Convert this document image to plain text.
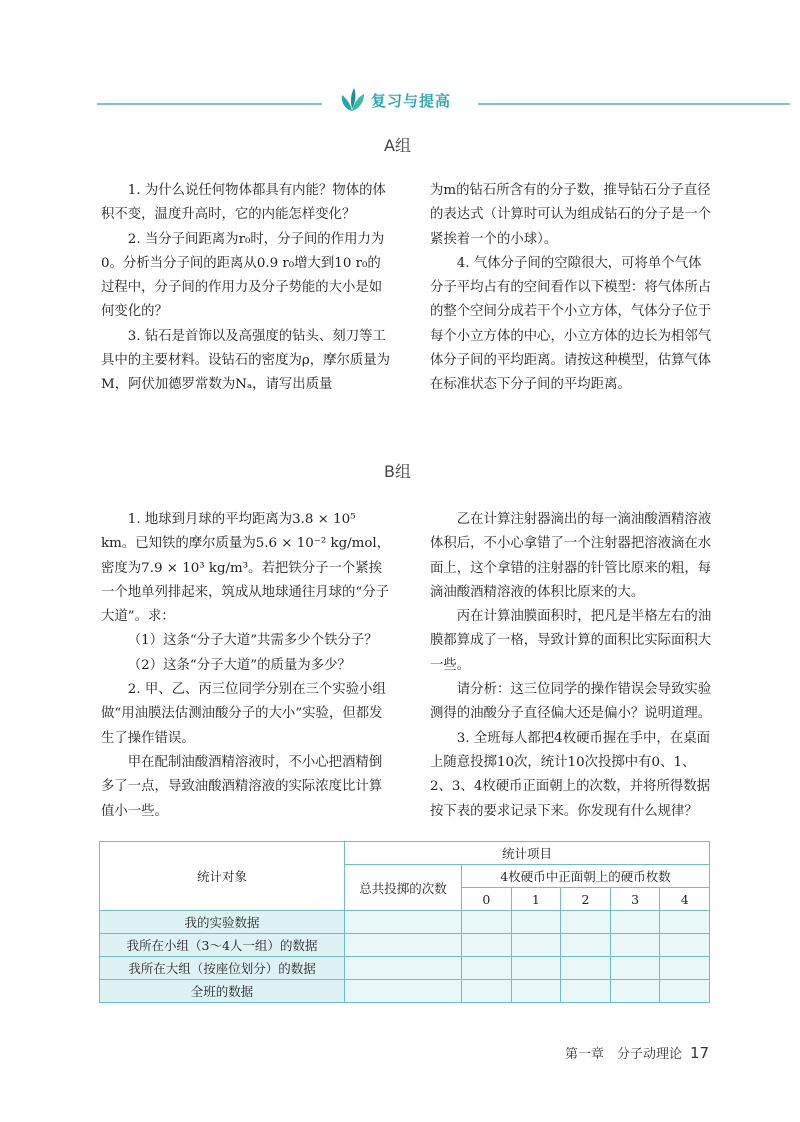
复习与提高
A组

1. 为什么说任何物体都具有内能？物体的体积不变，温度升高时，它的内能怎样变化？

2. 当分子间距离为r₀时，分子间的作用力为0。分析当分子间的距离从0.9 r₀增大到10 r₀的过程中，分子间的作用力及分子势能的大小是如何变化的？

3. 钻石是首饰以及高强度的钻头、刻刀等工具中的主要材料。设钻石的密度为ρ，摩尔质量为M，阿伏加德罗常数为Nₐ，请写出质量

为m的钻石所含有的分子数，推导钻石分子直径的表达式（计算时可认为组成钻石的分子是一个紧挨着一个的小球）。

4. 气体分子间的空隙很大，可将单个气体分子平均占有的空间看作以下模型：将气体所占的整个空间分成若干个小立方体，气体分子位于每个小立方体的中心，小立方体的边长为相邻气体分子间的平均距离。请按这种模型，估算气体在标准状态下分子间的平均距离。

B组

1. 地球到月球的平均距离为3.8 × 10⁵ km。已知铁的摩尔质量为5.6 × 10⁻² kg/mol，密度为7.9 × 10³ kg/m³。若把铁分子一个紧挨一个地单列排起来，筑成从地球通往月球的“分子大道”。求：

（1）这条“分子大道”共需多少个铁分子？

（2）这条“分子大道”的质量为多少？

2. 甲、乙、丙三位同学分别在三个实验小组做“用油膜法估测油酸分子的大小”实验，但都发生了操作错误。

甲在配制油酸酒精溶液时，不小心把酒精倒多了一点，导致油酸酒精溶液的实际浓度比计算值小一些。

乙在计算注射器滴出的每一滴油酸酒精溶液体积后，不小心拿错了一个注射器把溶液滴在水面上，这个拿错的注射器的针管比原来的粗，每滴油酸酒精溶液的体积比原来的大。

丙在计算油膜面积时，把凡是半格左右的油膜都算成了一格，导致计算的面积比实际面积大一些。

请分析：这三位同学的操作错误会导致实验测得的油酸分子直径偏大还是偏小？说明道理。

3. 全班每人都把4枚硬币握在手中，在桌面上随意投掷10次，统计10次投掷中有0、1、2、3、4枚硬币正面朝上的次数，并将所得数据按下表的要求记录下来。你发现有什么规律？

统计对象	统计项目					
	总共投掷的次数	4枚硬币中正面朝上的硬币枚数				
		0	1	2	3	4
我的实验数据						
我所在小组（3～4人一组）的数据						
我所在大组（按座位划分）的数据						
全班的数据						
第一章　分子动理论 17
